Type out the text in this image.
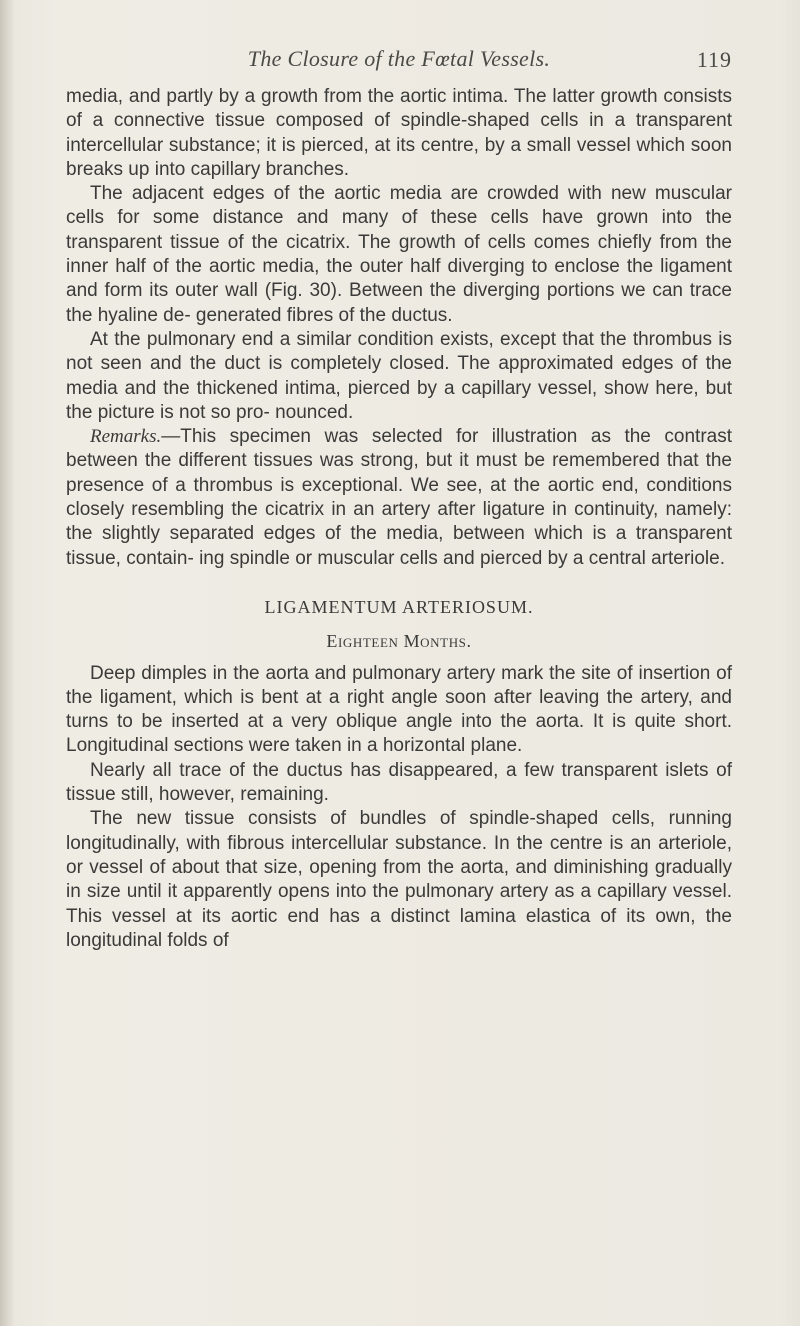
The Closure of the Fœtal Vessels.	119

media, and partly by a growth from the aortic intima. The latter growth consists of a connective tissue composed of spindle-shaped cells in a transparent intercellular substance; it is pierced, at its centre, by a small vessel which soon breaks up into capillary branches.

The adjacent edges of the aortic media are crowded with new muscular cells for some distance and many of these cells have grown into the transparent tissue of the cicatrix. The growth of cells comes chiefly from the inner half of the aortic media, the outer half diverging to enclose the ligament and form its outer wall (Fig. 30). Between the diverging portions we can trace the hyaline de- generated fibres of the ductus.

At the pulmonary end a similar condition exists, except that the thrombus is not seen and the duct is completely closed. The approximated edges of the media and the thickened intima, pierced by a capillary vessel, show here, but the picture is not so pro- nounced.

Remarks.—This specimen was selected for illustration as the contrast between the different tissues was strong, but it must be remembered that the presence of a thrombus is exceptional. We see, at the aortic end, conditions closely resembling the cicatrix in an artery after ligature in continuity, namely: the slightly separated edges of the media, between which is a transparent tissue, contain- ing spindle or muscular cells and pierced by a central arteriole.

LIGAMENTUM ARTERIOSUM.
Eighteen Months.

Deep dimples in the aorta and pulmonary artery mark the site of insertion of the ligament, which is bent at a right angle soon after leaving the artery, and turns to be inserted at a very oblique angle into the aorta. It is quite short. Longitudinal sections were taken in a horizontal plane.

Nearly all trace of the ductus has disappeared, a few transparent islets of tissue still, however, remaining.

The new tissue consists of bundles of spindle-shaped cells, running longitudinally, with fibrous intercellular substance. In the centre is an arteriole, or vessel of about that size, opening from the aorta, and diminishing gradually in size until it apparently opens into the pulmonary artery as a capillary vessel. This vessel at its aortic end has a distinct lamina elastica of its own, the longitudinal folds of
